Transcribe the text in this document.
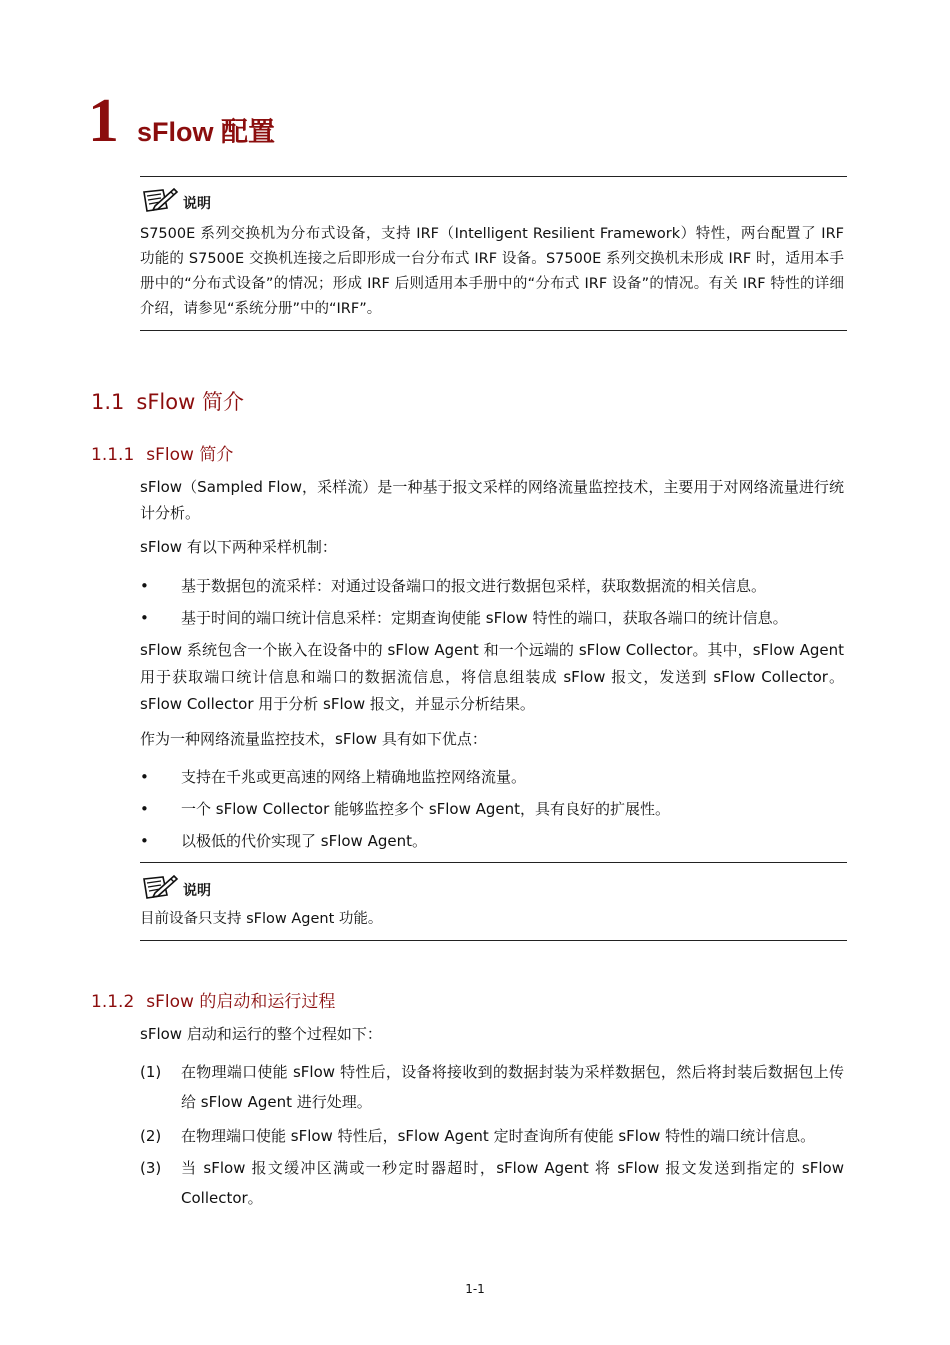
1 sFlow 配置
说明
S7500E 系列交换机为分布式设备，支持 IRF（Intelligent Resilient Framework）特性，两台配置了 IRF 功能的 S7500E 交换机连接之后即形成一台分布式 IRF 设备。S7500E 系列交换机未形成 IRF 时，适用本手册中的“分布式设备”的情况；形成 IRF 后则适用本手册中的“分布式 IRF 设备”的情况。有关 IRF 特性的详细介绍，请参见“系统分册”中的“IRF”。
1.1 sFlow 简介
1.1.1 sFlow 简介
sFlow（Sampled Flow，采样流）是一种基于报文采样的网络流量监控技术，主要用于对网络流量进行统计分析。
sFlow 有以下两种采样机制：
•	基于数据包的流采样：对通过设备端口的报文进行数据包采样，获取数据流的相关信息。
•	基于时间的端口统计信息采样：定期查询使能 sFlow 特性的端口，获取各端口的统计信息。
sFlow 系统包含一个嵌入在设备中的 sFlow Agent 和一个远端的 sFlow Collector。其中，sFlow Agent 用于获取端口统计信息和端口的数据流信息，将信息组装成 sFlow 报文，发送到 sFlow Collector。sFlow Collector 用于分析 sFlow 报文，并显示分析结果。
作为一种网络流量监控技术，sFlow 具有如下优点：
•	支持在千兆或更高速的网络上精确地监控网络流量。
•	一个 sFlow Collector 能够监控多个 sFlow Agent，具有良好的扩展性。
•	以极低的代价实现了 sFlow Agent。
说明
目前设备只支持 sFlow Agent 功能。
1.1.2 sFlow 的启动和运行过程
sFlow 启动和运行的整个过程如下：
(1) 在物理端口使能 sFlow 特性后，设备将接收到的数据封装为采样数据包，然后将封装后数据包上传给 sFlow Agent 进行处理。
(2) 在物理端口使能 sFlow 特性后，sFlow Agent 定时查询所有使能 sFlow 特性的端口统计信息。
(3) 当 sFlow 报文缓冲区满或一秒定时器超时，sFlow Agent 将 sFlow 报文发送到指定的 sFlow Collector。
1-1
